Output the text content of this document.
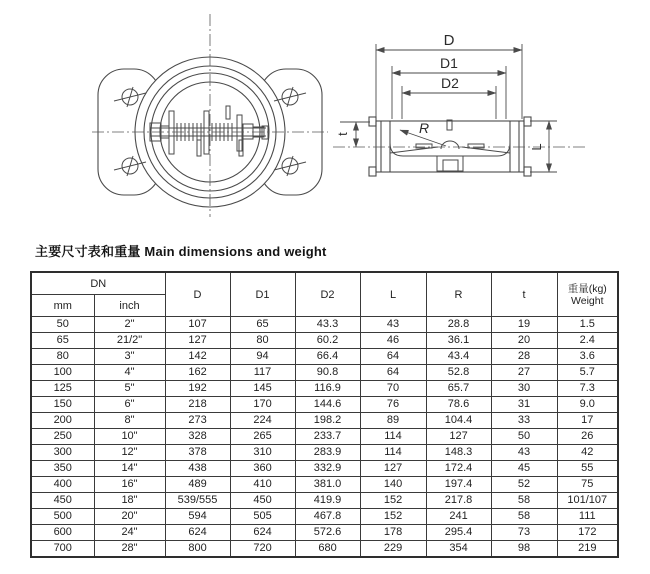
D
D1
D2
t
L
R
主要尺寸表和重量 Main dimensions and weight
DN		D	D1	D2	L	R	t	重量(kg)
Weight
mm	inch							
50	2"	107	65	43.3	43	28.8	19	1.5
65	21/2"	127	80	60.2	46	36.1	20	2.4
80	3"	142	94	66.4	64	43.4	28	3.6
100	4"	162	117	90.8	64	52.8	27	5.7
125	5"	192	145	116.9	70	65.7	30	7.3
150	6"	218	170	144.6	76	78.6	31	9.0
200	8"	273	224	198.2	89	104.4	33	17
250	10"	328	265	233.7	114	127	50	26
300	12"	378	310	283.9	114	148.3	43	42
350	14"	438	360	332.9	127	172.4	45	55
400	16"	489	410	381.0	140	197.4	52	75
450	18"	539/555	450	419.9	152	217.8	58	101/107
500	20"	594	505	467.8	152	241	58	111
600	24"	624	624	572.6	178	295.4	73	172
700	28"	800	720	680	229	354	98	219
